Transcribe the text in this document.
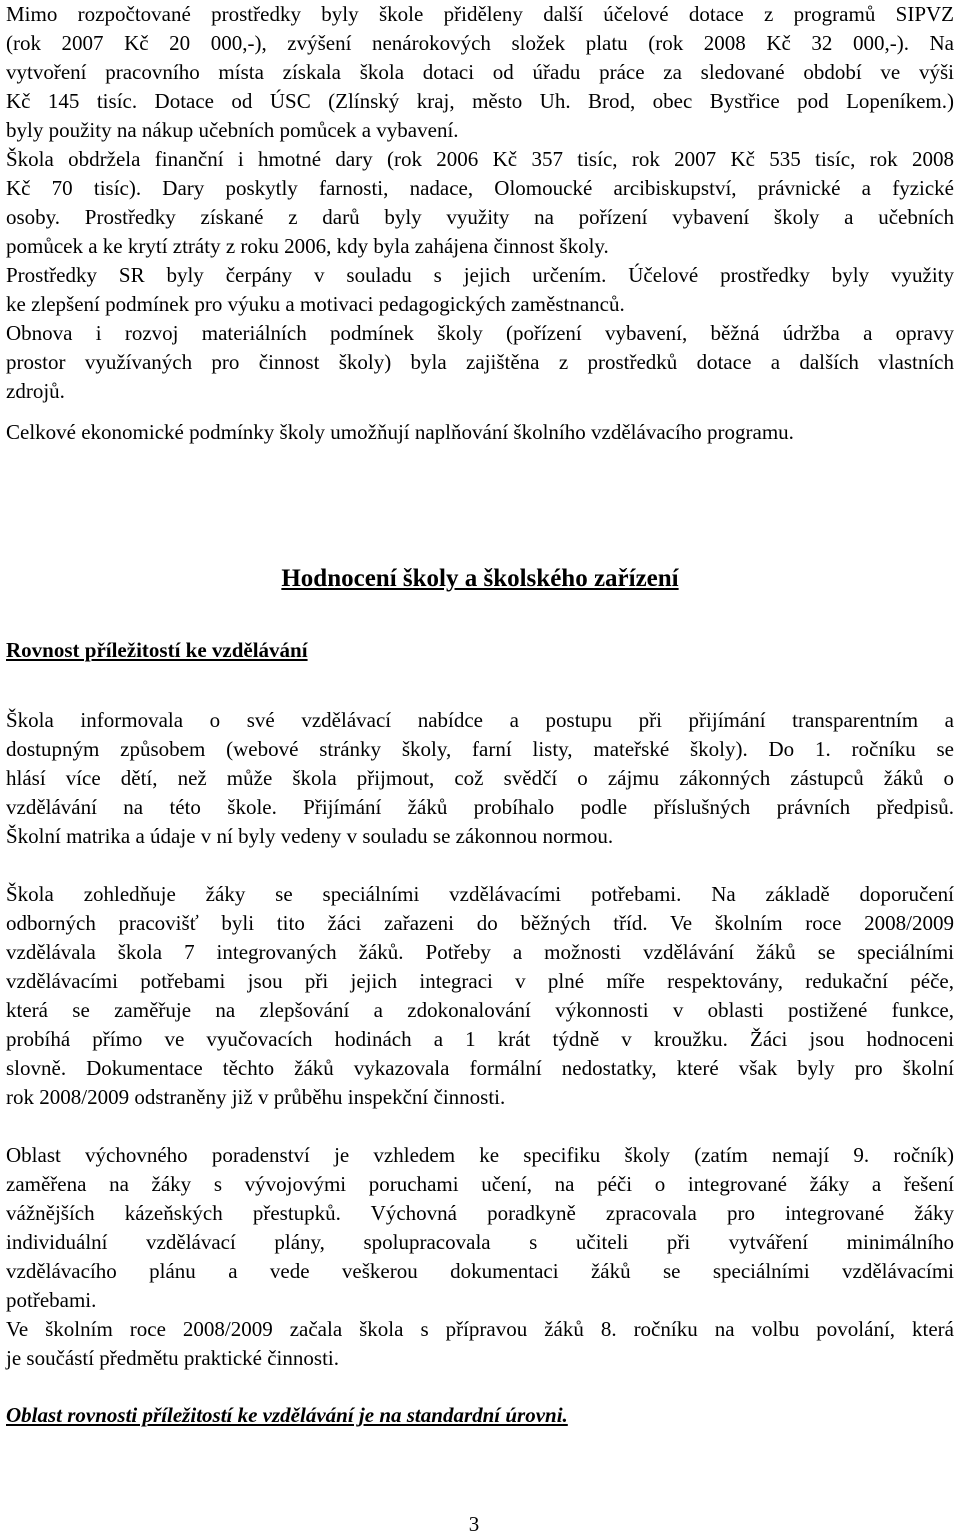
Mimo rozpočtované prostředky byly škole přiděleny další účelové dotace z programů SIPVZ
(rok 2007 Kč 20 000,-), zvýšení nenárokových složek platu (rok 2008 Kč 32 000,-). Na
vytvoření pracovního místa získala škola dotaci od úřadu práce za sledované období ve výši
Kč 145 tisíc. Dotace od ÚSC (Zlínský kraj, město Uh. Brod, obec Bystřice pod Lopeníkem.)
byly použity na nákup učebních pomůcek a vybavení.
Škola obdržela finanční i hmotné dary (rok 2006 Kč 357 tisíc, rok 2007 Kč 535 tisíc, rok 2008
Kč 70 tisíc). Dary poskytly farnosti, nadace, Olomoucké arcibiskupství, právnické a fyzické
osoby. Prostředky získané z darů byly využity na pořízení vybavení školy a učebních
pomůcek a ke krytí ztráty z roku 2006, kdy byla zahájena činnost školy.
Prostředky SR byly čerpány v souladu s jejich určením. Účelové prostředky byly využity
ke zlepšení podmínek pro výuku a motivaci pedagogických zaměstnanců.
Obnova i rozvoj materiálních podmínek školy (pořízení vybavení, běžná údržba a opravy
prostor využívaných pro činnost školy) byla zajištěna z prostředků dotace a dalších vlastních
zdrojů.
Celkové ekonomické podmínky školy umožňují naplňování školního vzdělávacího programu.
Hodnocení školy a školského zařízení
Rovnost příležitostí ke vzdělávání
Škola informovala o své vzdělávací nabídce a postupu při přijímání transparentním a
dostupným způsobem (webové stránky školy, farní listy, mateřské školy). Do 1. ročníku se
hlásí více dětí, než může škola přijmout, což svědčí o zájmu zákonných zástupců žáků o
vzdělávání na této škole. Přijímání žáků probíhalo podle příslušných právních předpisů.
Školní matrika a údaje v ní byly vedeny v souladu se zákonnou normou.
Škola zohledňuje žáky se speciálními vzdělávacími potřebami. Na základě doporučení
odborných pracovišť byli tito žáci zařazeni do běžných tříd. Ve školním roce 2008/2009
vzdělávala škola 7 integrovaných žáků. Potřeby a možnosti vzdělávání žáků se speciálními
vzdělávacími potřebami jsou při jejich integraci v plné míře respektovány, redukační péče,
která se zaměřuje na zlepšování a zdokonalování výkonnosti v oblasti postižené funkce,
probíhá přímo ve vyučovacích hodinách a 1 krát týdně v kroužku. Žáci jsou hodnoceni
slovně. Dokumentace těchto žáků vykazovala formální nedostatky, které však byly pro školní
rok 2008/2009 odstraněny již v průběhu inspekční činnosti.
Oblast výchovného poradenství je vzhledem ke specifiku školy (zatím nemají 9. ročník)
zaměřena na žáky s vývojovými poruchami učení, na péči o integrované žáky a řešení
vážnějších kázeňských přestupků. Výchovná poradkyně zpracovala pro integrované žáky
individuální vzdělávací plány, spolupracovala s učiteli při vytváření minimálního
vzdělávacího plánu a vede veškerou dokumentaci žáků se speciálními vzdělávacími
potřebami.
Ve školním roce 2008/2009 začala škola s přípravou žáků 8. ročníku na volbu povolání, která
je součástí předmětu praktické činnosti.
Oblast rovnosti příležitostí ke vzdělávání je na standardní úrovni.
3
